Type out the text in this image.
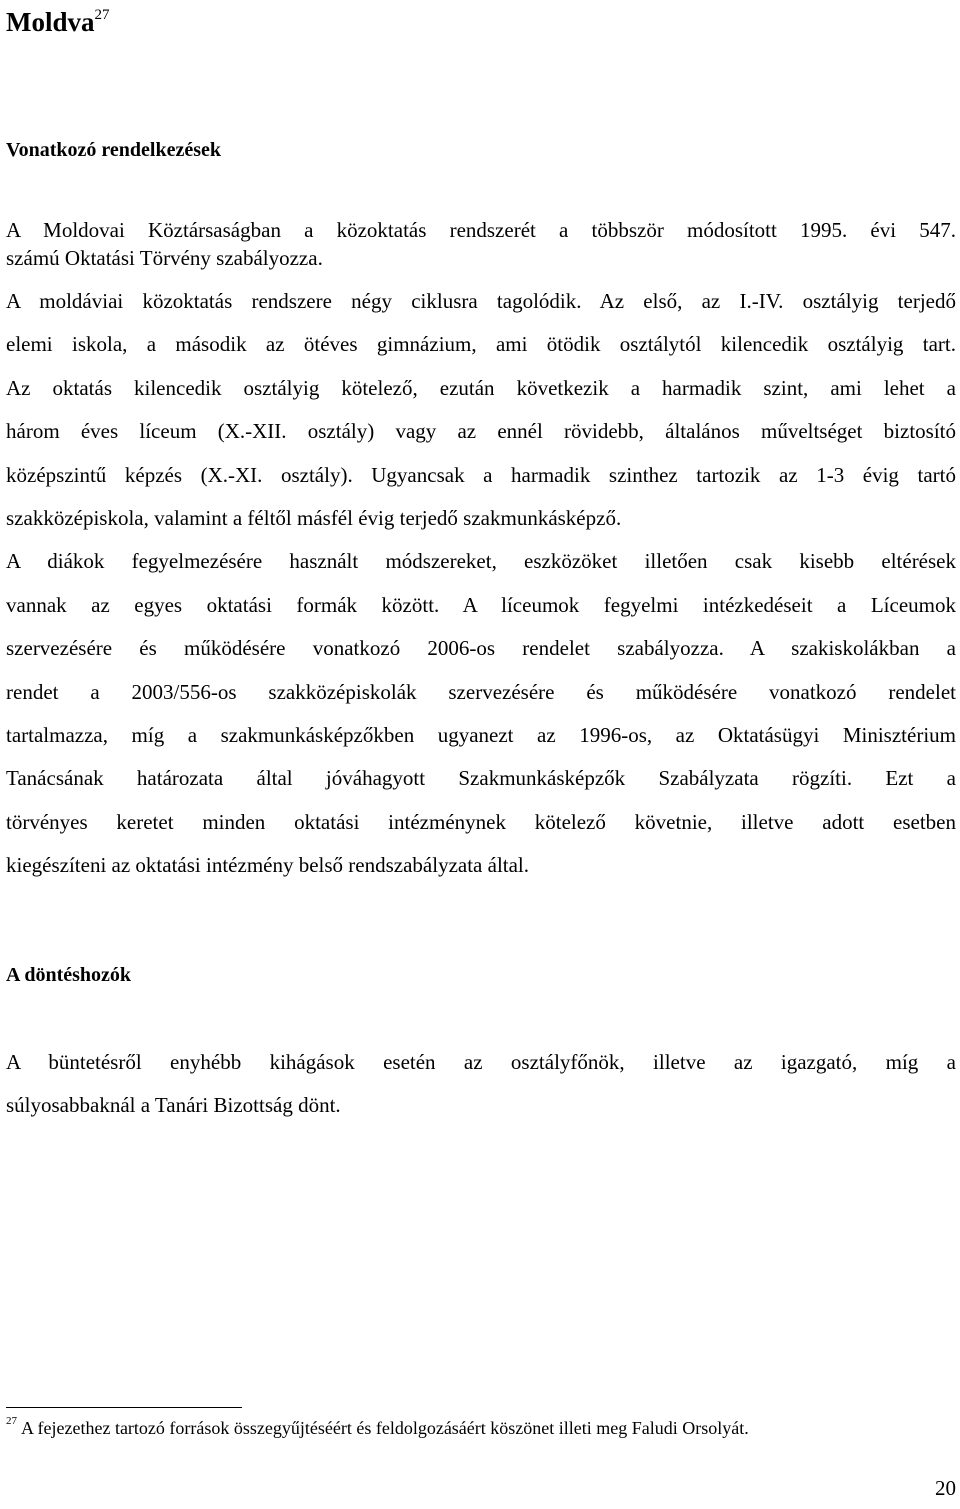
Moldva$^{27}$
Vonatkozó rendelkezések

A Moldovai Köztársaságban a közoktatás rendszerét a többször módosított 1995. évi 547.
számú Oktatási Törvény szabályozza.

A moldáviai közoktatás rendszere négy ciklusra tagolódik. Az első, az I.-IV. osztályig terjedő
elemi iskola, a második az ötéves gimnázium, ami ötödik osztálytól kilencedik osztályig tart.
Az oktatás kilencedik osztályig kötelező, ezután következik a harmadik szint, ami lehet a
három éves líceum (X.-XII. osztály) vagy az ennél rövidebb, általános műveltséget biztosító
középszintű képzés (X.-XI. osztály). Ugyancsak a harmadik szinthez tartozik az 1-3 évig tartó
szakközépiskola, valamint a féltől másfél évig terjedő szakmunkásképző.
A diákok fegyelmezésére használt módszereket, eszközöket illetően csak kisebb eltérések
vannak az egyes oktatási formák között. A líceumok fegyelmi intézkedéseit a Líceumok
szervezésére és működésére vonatkozó 2006-os rendelet szabályozza. A szakiskolákban a
rendet a 2003/556-os szakközépiskolák szervezésére és működésére vonatkozó rendelet
tartalmazza, míg a szakmunkásképzőkben ugyanezt az 1996-os, az Oktatásügyi Minisztérium
Tanácsának határozata által jóváhagyott Szakmunkásképzők Szabályzata rögzíti. Ezt a
törvényes keretet minden oktatási intézménynek kötelező követnie, illetve adott esetben
kiegészíteni az oktatási intézmény belső rendszabályzata által.

A döntéshozók

A büntetésről enyhébb kihágások esetén az osztályfőnök, illetve az igazgató, míg a
súlyosabbaknál a Tanári Bizottság dönt.

$^{27}$ A fejezethez tartozó források összegyűjtéséért és feldolgozásáért köszönet illeti meg Faludi Orsolyát.

20
